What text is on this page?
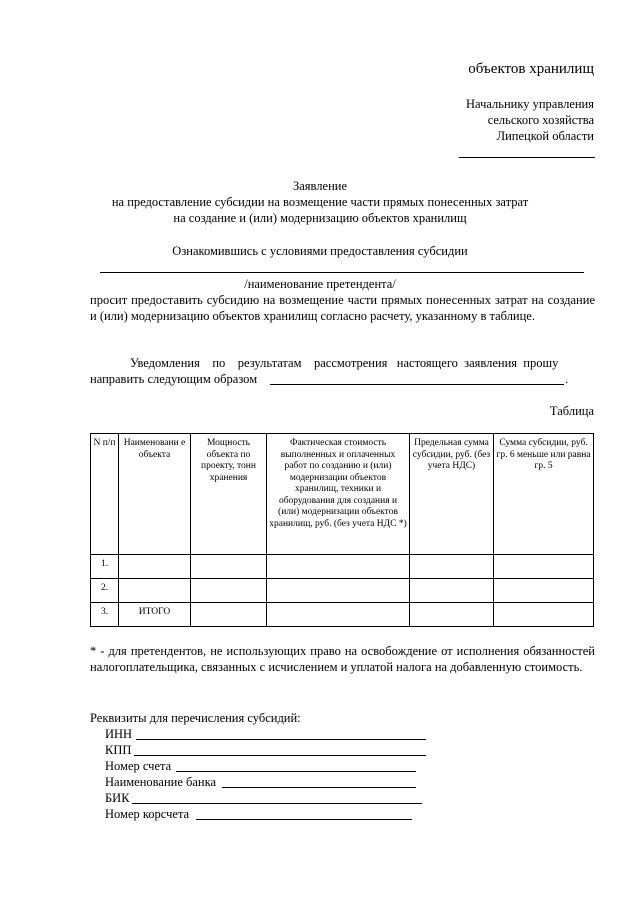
объектов хранилищ
Начальнику управления
сельского хозяйства
Липецкой области
Заявление
на предоставление субсидии на возмещение части прямых понесенных затрат
на создание и (или) модернизацию объектов хранилищ
Ознакомившись с условиями предоставления субсидии
/наименование претендента/
просит предоставить субсидию на возмещение части прямых понесенных затрат на создание и (или) модернизацию объектов хранилищ согласно расчету, указанному в таблице.
Уведомления    по    результатам    рассмотрения   настоящего  заявления  прошу
направить следующим образом	.
Таблица
N п/п	Наименовани е объекта	Мощность объекта по проекту, тонн хранения	Фактическая стоимость выполненных и оплаченных работ по созданию и (или) модернизации объектов хранилищ, техники и оборудования для создания и (или) модернизации объектов хранилищ, руб. (без учета НДС *)	Предельная сумма субсидии, руб. (без учета НДС)	Сумма субсидии, руб. гр. 6 меньше или равна гр. 5
1.					
2.					
3.	ИТОГО				
* - для претендентов, не использующих право на освобождение от исполнения обязанностей налогоплательщика, связанных с исчислением и уплатой налога на добавленную стоимость.
Реквизиты для перечисления субсидий:
ИНН
КПП
Номер счета
Наименование банка
БИК
Номер корсчета
